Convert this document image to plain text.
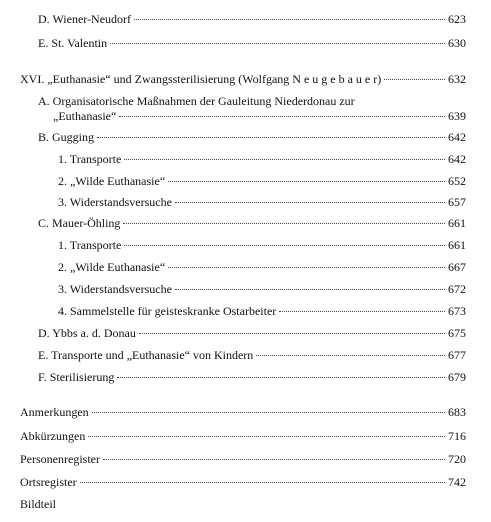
D. Wiener-Neudorf	623
E. St. Valentin	630
XVI. „Euthanasie“ und Zwangssterilisierung (Wolfgang N e u g e b a u e r)	632
A. Organisatorische Maßnahmen der Gauleitung Niederdonau zur
„Euthanasie“	639
B. Gugging	642
1. Transporte	642
2. „Wilde Euthanasie“	652
3. Widerstandsversuche	657
C. Mauer-Öhling	661
1. Transporte	661
2. „Wilde Euthanasie“	667
3. Widerstandsversuche	672
4. Sammelstelle für geisteskranke Ostarbeiter	673
D. Ybbs a. d. Donau	675
E. Transporte und „Euthanasie“ von Kindern	677
F. Sterilisierung	679
Anmerkungen	683
Abkürzungen	716
Personenregister	720
Ortsregister	742
Bildteil
